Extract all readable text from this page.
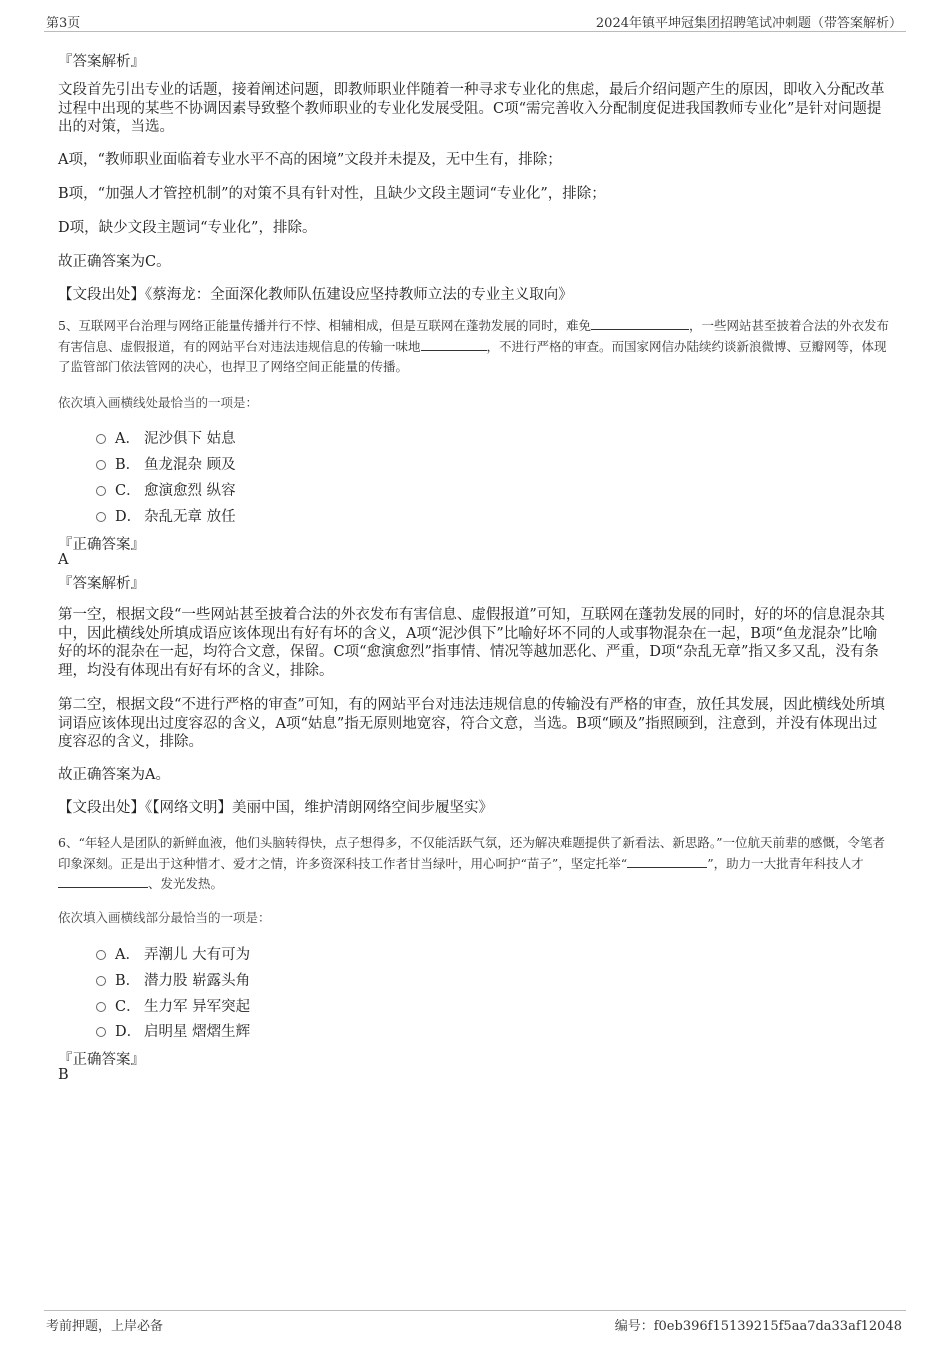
第3页	2024年镇平坤冠集团招聘笔试冲刺题（带答案解析）
『答案解析』
文段首先引出专业的话题，接着阐述问题，即教师职业伴随着一种寻求专业化的焦虑，最后介绍问题产生的原因，即收入分配改革过程中出现的某些不协调因素导致整个教师职业的专业化发展受阻。C项“需完善收入分配制度促进我国教师专业化”是针对问题提出的对策，当选。
A项，“教师职业面临着专业水平不高的困境”文段并未提及，无中生有，排除；
B项，“加强人才管控机制”的对策不具有针对性，且缺少文段主题词“专业化”，排除；
D项，缺少文段主题词“专业化”，排除。
故正确答案为C。
【文段出处】《蔡海龙：全面深化教师队伍建设应坚持教师立法的专业主义取向》
5、互联网平台治理与网络正能量传播并行不悖、相辅相成，但是互联网在蓬勃发展的同时，难免	，一些网站甚至披着合法的外衣发布有害信息、虚假报道，有的网站平台对违法违规信息的传输一味地	，不进行严格的审查。而国家网信办陆续约谈新浪微博、豆瓣网等，体现了监管部门依法管网的决心，也捍卫了网络空间正能量的传播。
依次填入画横线处最恰当的一项是：
A． 泥沙俱下 姑息
B． 鱼龙混杂 顾及
C． 愈演愈烈 纵容
D． 杂乱无章 放任
『正确答案』
A
『答案解析』
第一空，根据文段“一些网站甚至披着合法的外衣发布有害信息、虚假报道”可知，互联网在蓬勃发展的同时，好的坏的信息混杂其中，因此横线处所填成语应该体现出有好有坏的含义，A项“泥沙俱下”比喻好坏不同的人或事物混杂在一起，B项“鱼龙混杂”比喻好的坏的混杂在一起，均符合文意，保留。C项“愈演愈烈”指事情、情况等越加恶化、严重，D项“杂乱无章”指又多又乱，没有条理，均没有体现出有好有坏的含义，排除。
第二空，根据文段“不进行严格的审查”可知，有的网站平台对违法违规信息的传输没有严格的审查，放任其发展，因此横线处所填词语应该体现出过度容忍的含义，A项“姑息”指无原则地宽容，符合文意，当选。B项“顾及”指照顾到，注意到，并没有体现出过度容忍的含义，排除。
故正确答案为A。
【文段出处】《【网络文明】美丽中国，维护清朗网络空间步履坚实》
6、“年轻人是团队的新鲜血液，他们头脑转得快，点子想得多，不仅能活跃气氛，还为解决难题提供了新看法、新思路。”一位航天前辈的感慨，令笔者印象深刻。正是出于这种惜才、爱才之情，许多资深科技工作者甘当绿叶，用心呵护“苗子”，坚定托举“	”，助力一大批青年科技人才、发光发热。
依次填入画横线部分最恰当的一项是：
A． 弄潮儿 大有可为
B． 潜力股 崭露头角
C． 生力军 异军突起
D． 启明星 熠熠生辉
『正确答案』
B
考前押题，上岸必备	编号：f0eb396f15139215f5aa7da33af12048
